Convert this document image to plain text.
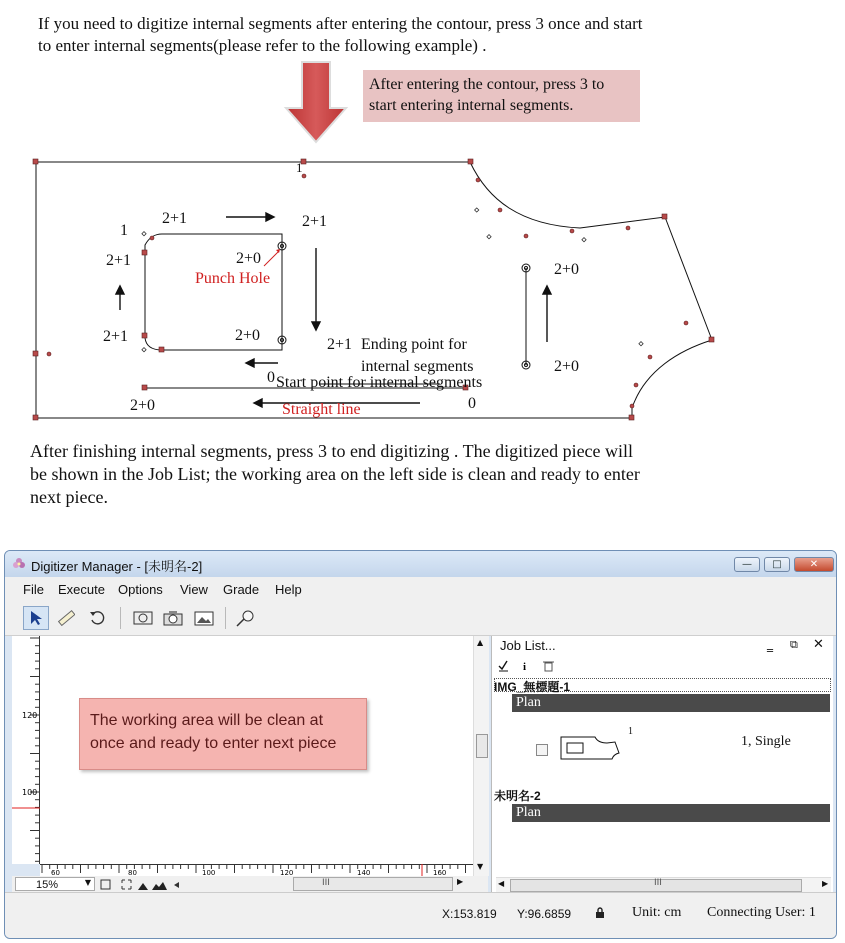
If you need to digitize internal segments after entering the contour, press 3 once and start to enter internal segments(please refer to the following example) .
After entering the contour, press 3 to start entering internal segments.
1
1
2+1	2+1
2+1
2+1	2+1
2+0
2+0
2+0
2+0
2+0
Punch Hole
Ending point for
internal segments
0 Start point for internal segments
0
Straight line
After finishing internal segments, press 3 to end digitizing . The digitized piece will be shown in the Job List; the working area on the left side is clean and ready to enter next piece.
Digitizer Manager - [未明名-2]	—	□	✕
File Execute Options View Grade Help
120
100
▲
▼
60	80	100	120	140	160
The working area will be clean at once and ready to enter next piece
15%	▼	III	▶
Job List...	‗ ⧉ ✕
i
IMG_無標題-1
Plan
1
1, Single
未明名-2
Plan
◀	III	▶
X:153.819 Y:96.6859	Unit: cm Connecting User: 1
